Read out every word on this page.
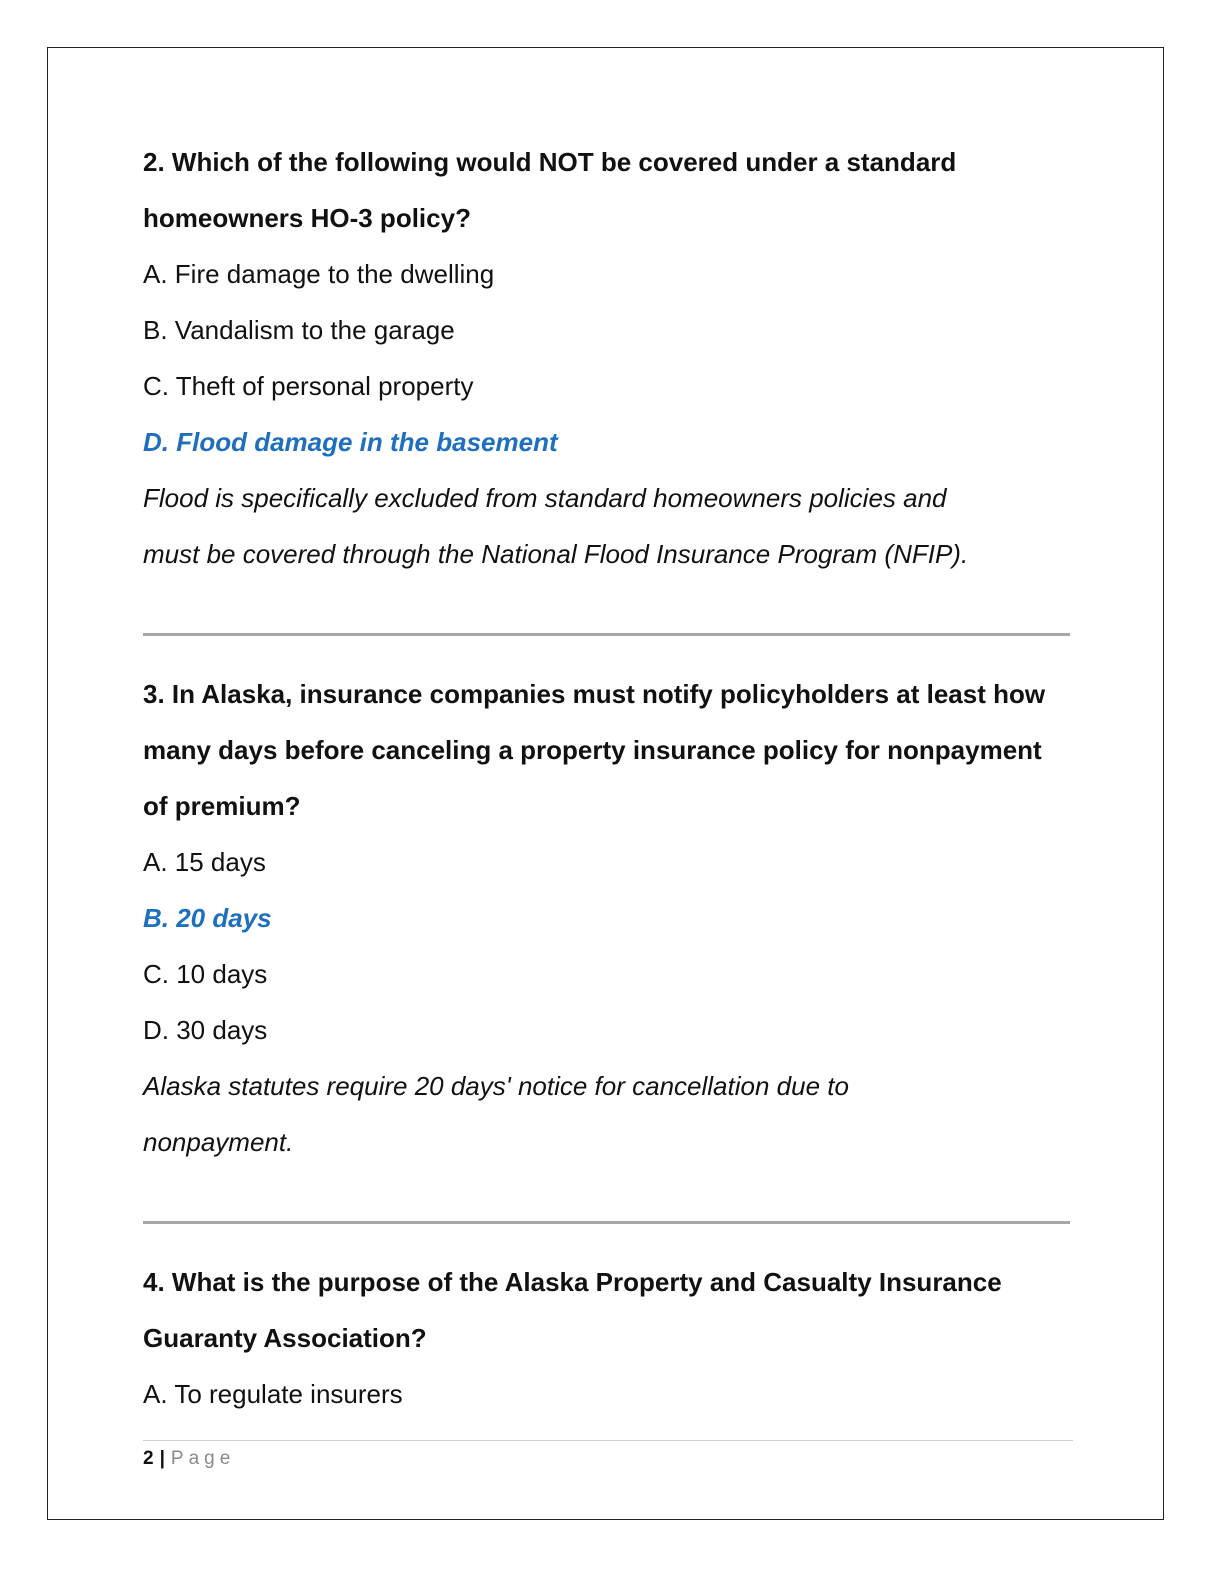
2. Which of the following would NOT be covered under a standard
homeowners HO-3 policy?
A. Fire damage to the dwelling
B. Vandalism to the garage
C. Theft of personal property
D. Flood damage in the basement
Flood is specifically excluded from standard homeowners policies and
must be covered through the National Flood Insurance Program (NFIP).
3. In Alaska, insurance companies must notify policyholders at least how
many days before canceling a property insurance policy for nonpayment
of premium?
A. 15 days
B. 20 days
C. 10 days
D. 30 days
Alaska statutes require 20 days' notice for cancellation due to
nonpayment.
4. What is the purpose of the Alaska Property and Casualty Insurance
Guaranty Association?
A. To regulate insurers
2 | Page
